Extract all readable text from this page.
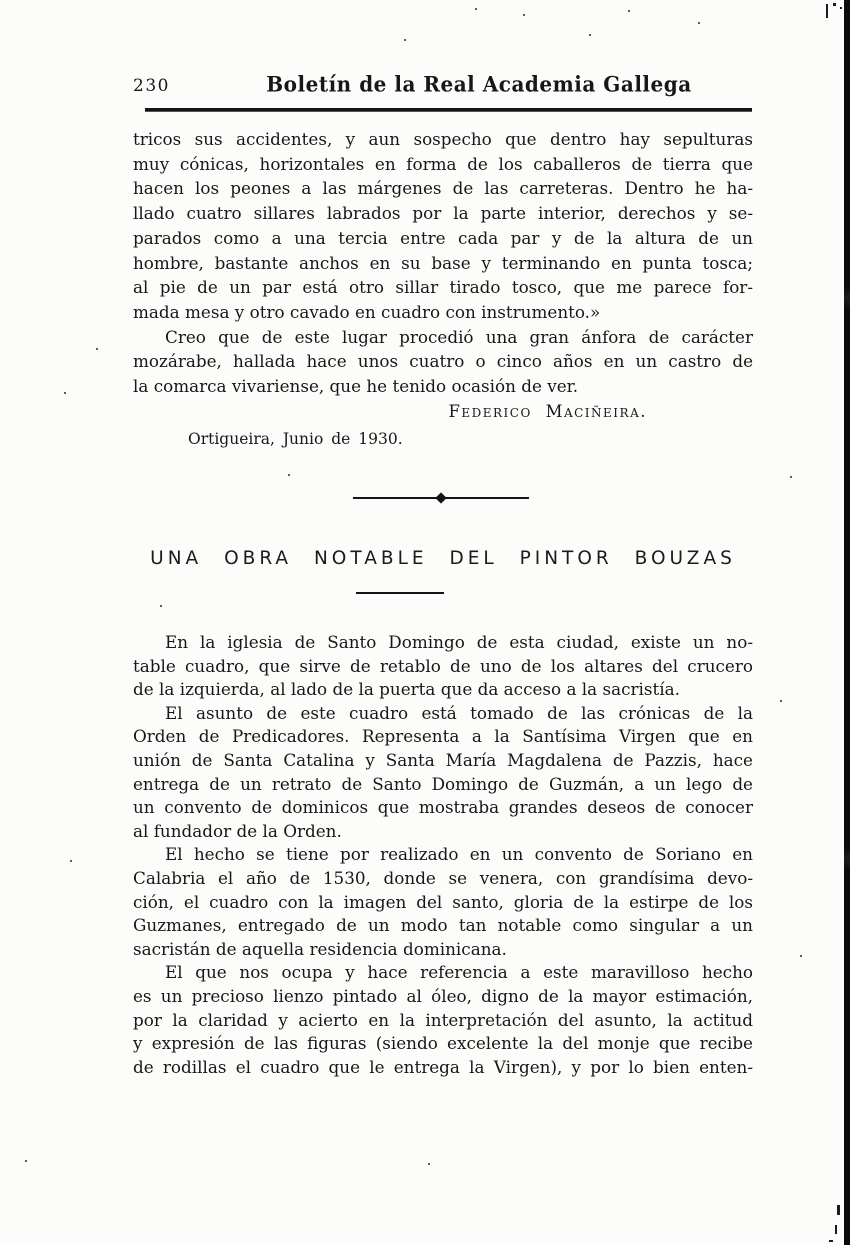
230	Boletín de la Real Academia Gallega
tricos sus accidentes, y aun sospecho que dentro hay sepulturas
muy cónicas, horizontales en forma de los caballeros de tierra que
hacen los peones a las márgenes de las carreteras. Dentro he ha-
llado cuatro sillares labrados por la parte interior, derechos y se-
parados como a una tercia entre cada par y de la altura de un
hombre, bastante anchos en su base y terminando en punta tosca;
al pie de un par está otro sillar tirado tosco, que me parece for-
mada mesa y otro cavado en cuadro con instrumento.»
Creo que de este lugar procedió una gran ánfora de carácter
mozárabe, hallada hace unos cuatro o cinco años en un castro de
la comarca vivariense, que he tenido ocasión de ver.
Federico Maciñeira.
Ortigueira, Junio de 1930.
UNA OBRA NOTABLE DEL PINTOR BOUZAS
En la iglesia de Santo Domingo de esta ciudad, existe un no-
table cuadro, que sirve de retablo de uno de los altares del crucero
de la izquierda, al lado de la puerta que da acceso a la sacristía.
El asunto de este cuadro está tomado de las crónicas de la
Orden de Predicadores. Representa a la Santísima Virgen que en
unión de Santa Catalina y Santa María Magdalena de Pazzis, hace
entrega de un retrato de Santo Domingo de Guzmán, a un lego de
un convento de dominicos que mostraba grandes deseos de conocer
al fundador de la Orden.
El hecho se tiene por realizado en un convento de Soriano en
Calabria el año de 1530, donde se venera, con grandísima devo-
ción, el cuadro con la imagen del santo, gloria de la estirpe de los
Guzmanes, entregado de un modo tan notable como singular a un
sacristán de aquella residencia dominicana.
El que nos ocupa y hace referencia a este maravilloso hecho
es un precioso lienzo pintado al óleo, digno de la mayor estimación,
por la claridad y acierto en la interpretación del asunto, la actitud
y expresión de las figuras (siendo excelente la del monje que recibe
de rodillas el cuadro que le entrega la Virgen), y por lo bien enten-
